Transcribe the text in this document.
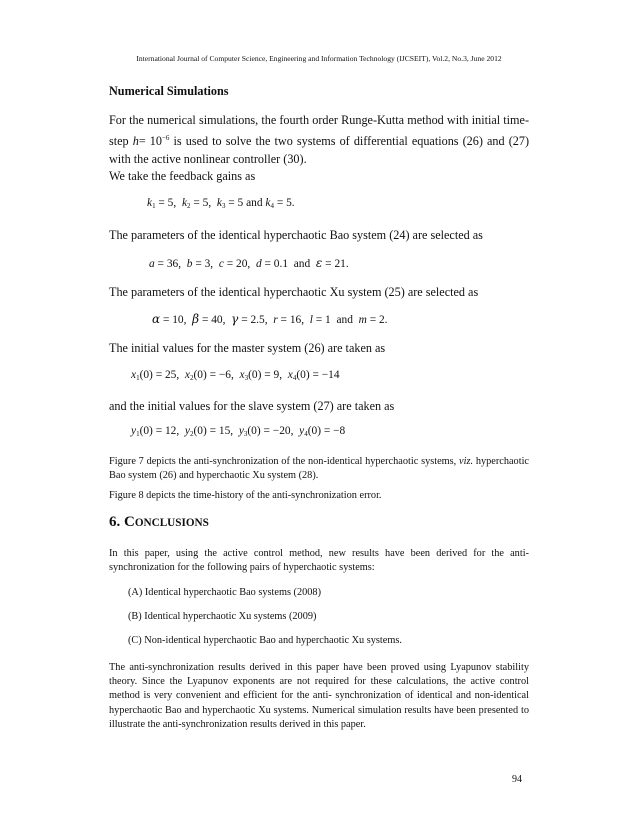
International Journal of Computer Science, Engineering and Information Technology (IJCSEIT), Vol.2, No.3, June 2012
Numerical Simulations
For the numerical simulations, the fourth order Runge-Kutta method with initial time-step $h= 10^{-6}$ is used to solve the two systems of differential equations (26) and (27) with the active nonlinear controller (30).
We take the feedback gains as
$k_1 = 5$, $k_2 = 5$, $k_3 = 5$ and $k_4 = 5$.
The parameters of the identical hyperchaotic Bao system (24) are selected as
a = 36, b = 3, c = 20, d = 0.1  and  ε = 21.
The parameters of the identical hyperchaotic Xu system (25) are selected as
α = 10, β = 40, γ = 2.5, r = 16, l = 1  and  m = 2.
The initial values for the master system (26) are taken as
$x_1(0) = 25$, $x_2(0) = -6$, $x_3(0) = 9$, $x_4(0) = -14$
and the initial values for the slave system (27) are taken as
$y_1(0) = 12$, $y_2(0) = 15$, $y_3(0) = -20$, $y_4(0) = -8$
Figure 7 depicts the anti-synchronization of the non-identical hyperchaotic systems, viz. hyperchaotic Bao system (26) and hyperchaotic Xu system (28).
Figure 8 depicts the time-history of the anti-synchronization error.
6. CONCLUSIONS
In this paper, using the active control method, new results have been derived for the anti-synchronization for the following pairs of hyperchaotic systems:
(A) Identical hyperchaotic Bao systems (2008)
(B) Identical hyperchaotic Xu systems (2009)
(C) Non-identical hyperchaotic Bao and hyperchaotic Xu systems.
The anti-synchronization results derived in this paper have been proved using Lyapunov stability theory. Since the Lyapunov exponents are not required for these calculations, the active control method is very convenient and efficient for the anti- synchronization of identical and non-identical hyperchaotic Bao and hyperchaotic Xu systems. Numerical simulation results have been presented to illustrate the anti-synchronization results derived in this paper.
94
